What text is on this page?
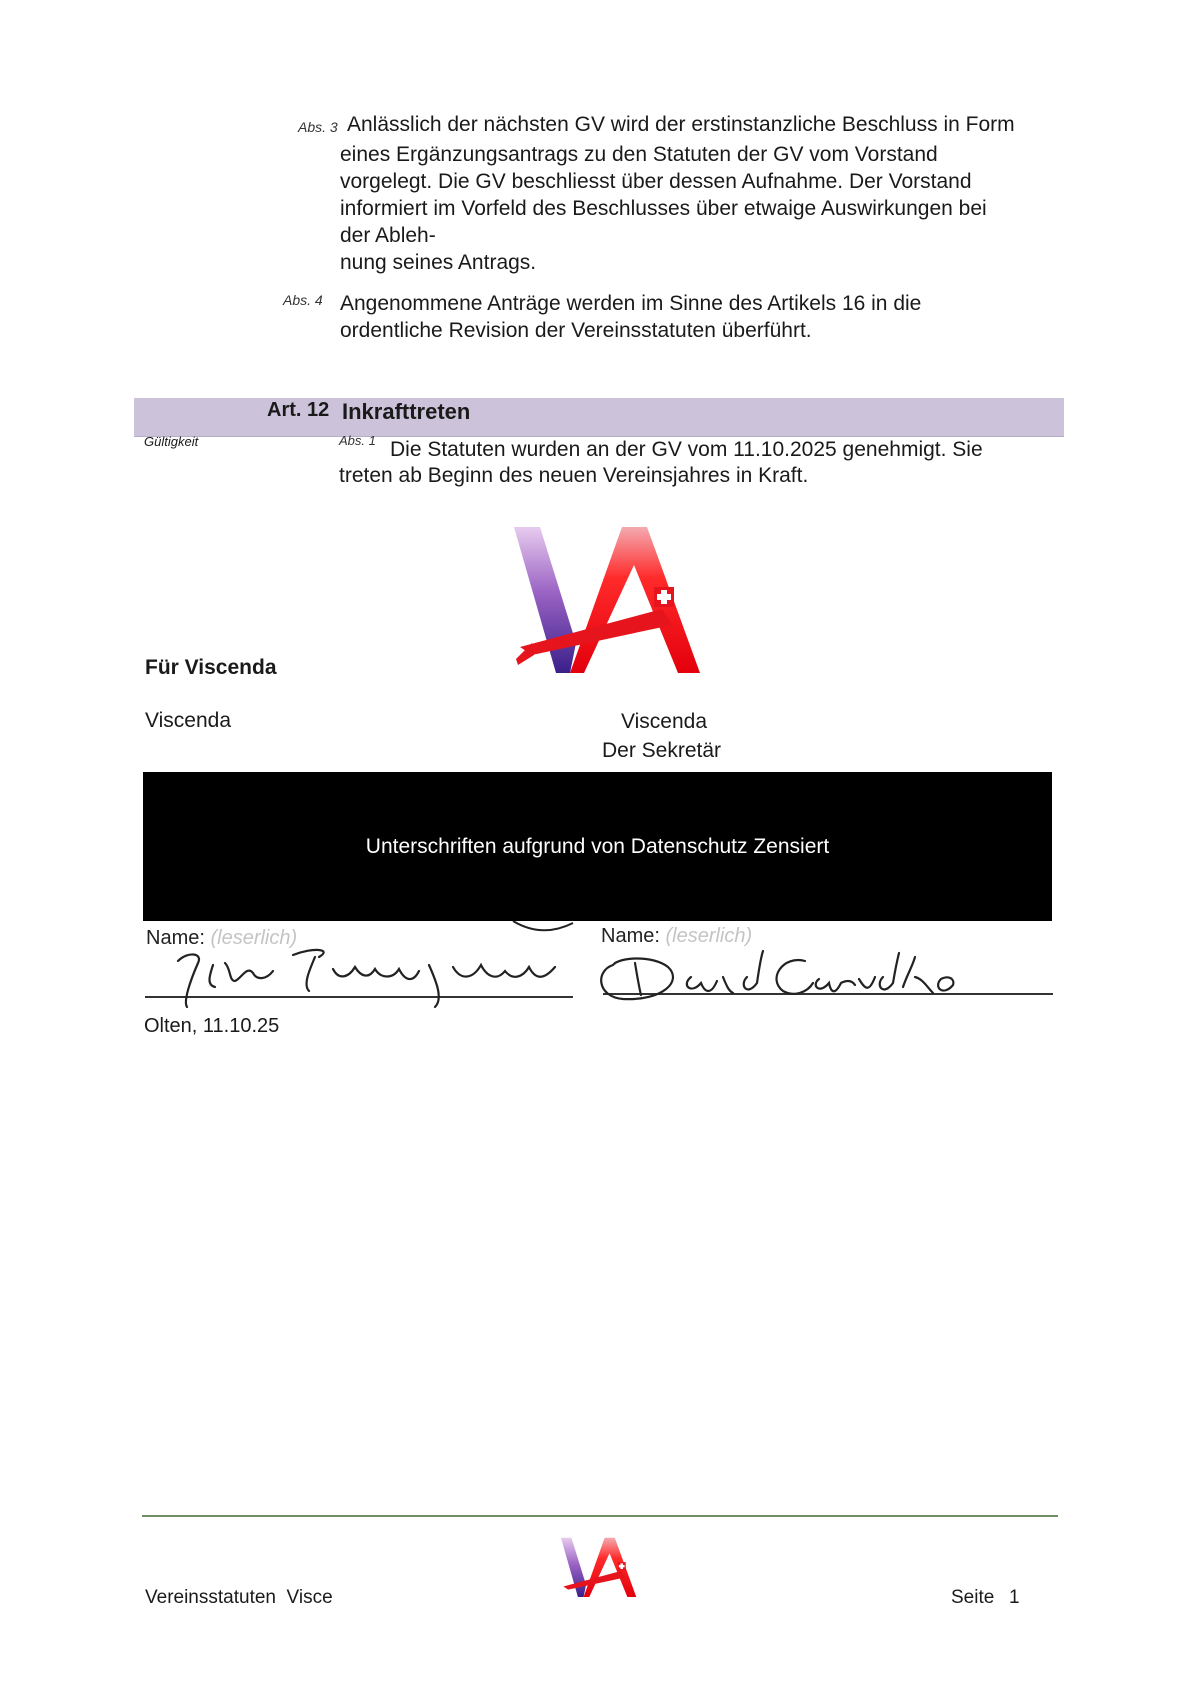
Abs. 3 Anlässlich der nächsten GV wird der erstinstanzliche Beschluss in Form
eines Ergänzungsantrags zu den Statuten der GV vom Vorstand
vorgelegt. Die GV beschliesst über dessen Aufnahme. Der Vorstand
informiert im Vorfeld des Beschlusses über etwaige Auswirkungen bei
der Ableh-
nung seines Antrags.
Abs. 4 Angenommene Anträge werden im Sinne des Artikels 16 in die
ordentliche Revision der Vereinsstatuten überführt.
Art. 12 Inkrafttreten
Gültigkeit	Abs. 1 Die Statuten wurden an der GV vom 11.10.2025 genehmigt. Sie
treten ab Beginn des neuen Vereinsjahres in Kraft.
Für Viscenda
Viscenda	Viscenda
Der Sekretär
Unterschriften aufgrund von Datenschutz Zensiert
Name: (leserlich)	Name: (leserlich)
Olten, 11.10.25
Vereinsstatuten  Visce	Seite 1
